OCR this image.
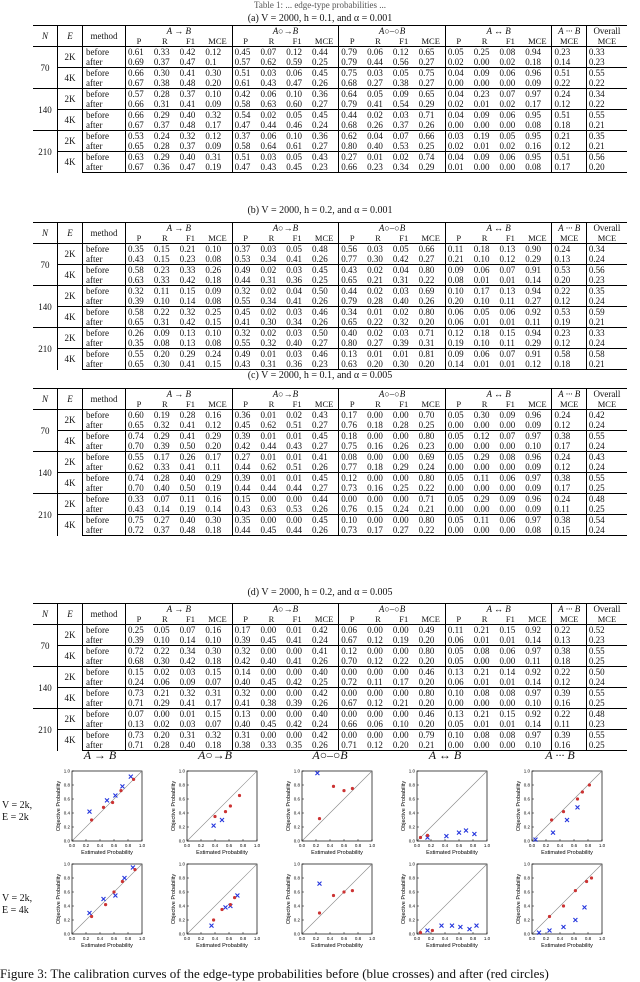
Table 1: ... edge-type probabilities ...
(a) V = 2000, h = 0.1, and α = 0.001
N	E	method	A → B				A○→B				A○–○B				A ↔ B				A ··· B	Overall
			P	R	F1	MCE	P	R	F1	MCE	P	R	F1	MCE	P	R	F1	MCE	MCE	MCE
70	2K	before	0.61	0.33	0.42	0.12	0.45	0.07	0.12	0.44	0.79	0.06	0.12	0.65	0.05	0.25	0.08	0.94	0.23	0.33
		after	0.69	0.37	0.47	0.1	0.57	0.62	0.59	0.25	0.79	0.44	0.56	0.27	0.02	0.00	0.02	0.18	0.14	0.23
	4K	before	0.66	0.30	0.41	0.30	0.51	0.03	0.06	0.45	0.75	0.03	0.05	0.75	0.04	0.09	0.06	0.96	0.51	0.55
		after	0.67	0.38	0.48	0.20	0.61	0.43	0.47	0.26	0.68	0.27	0.38	0.27	0.00	0.00	0.00	0.09	0.22	0.22
140	2K	before	0.57	0.28	0.37	0.10	0.42	0.06	0.10	0.36	0.64	0.05	0.09	0.65	0.04	0.23	0.07	0.97	0.24	0.34
		after	0.66	0.31	0.41	0.09	0.58	0.63	0.60	0.27	0.79	0.41	0.54	0.29	0.02	0.01	0.02	0.17	0.12	0.22
	4K	before	0.66	0.29	0.40	0.32	0.54	0.02	0.05	0.45	0.44	0.02	0.03	0.71	0.04	0.09	0.06	0.95	0.51	0.55
		after	0.67	0.37	0.48	0.17	0.47	0.44	0.46	0.24	0.68	0.26	0.37	0.26	0.00	0.00	0.00	0.08	0.18	0.21
210	2K	before	0.53	0.24	0.32	0.12	0.37	0.06	0.10	0.36	0.62	0.04	0.07	0.66	0.03	0.19	0.05	0.95	0.21	0.35
		after	0.65	0.28	0.37	0.09	0.58	0.64	0.61	0.27	0.80	0.40	0.53	0.25	0.02	0.01	0.02	0.16	0.12	0.21
	4K	before	0.63	0.29	0.40	0.31	0.51	0.03	0.05	0.43	0.27	0.01	0.02	0.74	0.04	0.09	0.06	0.95	0.51	0.56
		after	0.67	0.36	0.47	0.19	0.47	0.43	0.45	0.23	0.66	0.23	0.34	0.29	0.01	0.00	0.00	0.08	0.17	0.20
(b) V = 2000, h = 0.2, and α = 0.001
N	E	method	A → B				A○→B				A○–○B				A ↔ B				A ··· B	Overall
			P	R	F1	MCE	P	R	F1	MCE	P	R	F1	MCE	P	R	F1	MCE	MCE	MCE
70	2K	before	0.35	0.15	0.21	0.10	0.37	0.03	0.05	0.48	0.56	0.03	0.05	0.66	0.11	0.18	0.13	0.90	0.24	0.34
		after	0.43	0.15	0.23	0.08	0.53	0.34	0.41	0.26	0.77	0.30	0.42	0.27	0.21	0.10	0.12	0.29	0.13	0.24
	4K	before	0.58	0.23	0.33	0.26	0.49	0.02	0.03	0.45	0.43	0.02	0.04	0.80	0.09	0.06	0.07	0.91	0.53	0.56
		after	0.63	0.33	0.42	0.18	0.44	0.31	0.36	0.25	0.65	0.21	0.31	0.22	0.08	0.01	0.01	0.14	0.20	0.23
140	2K	before	0.32	0.11	0.15	0.09	0.32	0.02	0.04	0.50	0.44	0.02	0.03	0.69	0.10	0.17	0.13	0.94	0.22	0.35
		after	0.39	0.10	0.14	0.08	0.55	0.34	0.41	0.26	0.79	0.28	0.40	0.26	0.20	0.10	0.11	0.27	0.12	0.24
	4K	before	0.58	0.22	0.32	0.25	0.45	0.02	0.03	0.46	0.34	0.01	0.02	0.80	0.06	0.05	0.06	0.92	0.53	0.59
		after	0.65	0.31	0.42	0.15	0.41	0.30	0.34	0.26	0.65	0.22	0.32	0.20	0.06	0.01	0.01	0.11	0.19	0.21
210	2K	before	0.26	0.09	0.13	0.10	0.32	0.02	0.03	0.50	0.40	0.02	0.03	0.71	0.12	0.18	0.15	0.94	0.23	0.33
		after	0.35	0.08	0.13	0.08	0.55	0.32	0.40	0.27	0.80	0.27	0.39	0.31	0.19	0.10	0.11	0.29	0.12	0.24
	4K	before	0.55	0.20	0.29	0.24	0.49	0.01	0.03	0.46	0.13	0.01	0.01	0.81	0.09	0.06	0.07	0.91	0.58	0.58
		after	0.65	0.30	0.41	0.15	0.43	0.31	0.36	0.23	0.63	0.20	0.30	0.20	0.14	0.01	0.01	0.12	0.18	0.21
(c) V = 2000, h = 0.1, and α = 0.005
N	E	method	A → B				A○→B				A○–○B				A ↔ B				A ··· B	Overall
			P	R	F1	MCE	P	R	F1	MCE	P	R	F1	MCE	P	R	F1	MCE	MCE	MCE
70	2K	before	0.60	0.19	0.28	0.16	0.36	0.01	0.02	0.43	0.17	0.00	0.00	0.70	0.05	0.30	0.09	0.96	0.24	0.42
		after	0.65	0.32	0.41	0.12	0.45	0.62	0.51	0.27	0.76	0.18	0.28	0.25	0.00	0.00	0.00	0.09	0.12	0.24
	4K	before	0.74	0.29	0.41	0.29	0.39	0.01	0.01	0.45	0.18	0.00	0.00	0.80	0.05	0.12	0.07	0.97	0.38	0.55
		after	0.70	0.39	0.50	0.20	0.42	0.44	0.43	0.27	0.75	0.16	0.26	0.23	0.00	0.00	0.00	0.10	0.17	0.24
140	2K	before	0.55	0.17	0.26	0.17	0.27	0.01	0.01	0.41	0.08	0.00	0.00	0.69	0.05	0.29	0.08	0.96	0.24	0.43
		after	0.62	0.33	0.41	0.11	0.44	0.62	0.51	0.26	0.77	0.18	0.29	0.24	0.00	0.00	0.00	0.09	0.12	0.24
	4K	before	0.74	0.28	0.40	0.29	0.39	0.01	0.01	0.45	0.12	0.00	0.00	0.80	0.05	0.11	0.06	0.97	0.38	0.55
		after	0.70	0.40	0.50	0.19	0.44	0.44	0.44	0.27	0.73	0.16	0.25	0.22	0.00	0.00	0.00	0.09	0.17	0.25
210	2K	before	0.33	0.07	0.11	0.16	0.15	0.00	0.00	0.44	0.00	0.00	0.00	0.71	0.05	0.29	0.09	0.96	0.24	0.48
		after	0.43	0.14	0.19	0.14	0.43	0.63	0.53	0.26	0.76	0.15	0.24	0.21	0.00	0.00	0.00	0.09	0.11	0.25
	4K	before	0.75	0.27	0.40	0.30	0.35	0.00	0.00	0.45	0.10	0.00	0.00	0.80	0.05	0.11	0.06	0.97	0.38	0.54
		after	0.72	0.37	0.48	0.18	0.44	0.45	0.44	0.26	0.73	0.17	0.27	0.22	0.00	0.00	0.00	0.08	0.15	0.24
(d) V = 2000, h = 0.2, and α = 0.005
N	E	method	A → B				A○→B				A○–○B				A ↔ B				A ··· B	Overall
			P	R	F1	MCE	P	R	F1	MCE	P	R	F1	MCE	P	R	F1	MCE	MCE	MCE
70	2K	before	0.25	0.05	0.07	0.16	0.17	0.00	0.01	0.42	0.06	0.00	0.00	0.49	0.11	0.21	0.15	0.92	0.22	0.52
		after	0.39	0.10	0.14	0.10	0.39	0.45	0.41	0.24	0.67	0.12	0.19	0.20	0.06	0.01	0.01	0.14	0.13	0.23
	4K	before	0.72	0.22	0.34	0.30	0.32	0.00	0.00	0.41	0.12	0.00	0.00	0.80	0.05	0.08	0.06	0.97	0.38	0.55
		after	0.68	0.30	0.42	0.18	0.42	0.40	0.41	0.26	0.70	0.12	0.22	0.20	0.05	0.00	0.00	0.11	0.18	0.25
140	2K	before	0.15	0.02	0.03	0.15	0.14	0.00	0.00	0.40	0.00	0.00	0.00	0.46	0.13	0.21	0.14	0.92	0.22	0.50
		after	0.24	0.06	0.09	0.07	0.40	0.45	0.42	0.25	0.72	0.11	0.17	0.20	0.06	0.01	0.01	0.14	0.12	0.24
	4K	before	0.73	0.21	0.32	0.31	0.32	0.00	0.00	0.42	0.00	0.00	0.00	0.80	0.10	0.08	0.08	0.97	0.39	0.55
		after	0.71	0.29	0.41	0.17	0.41	0.38	0.39	0.26	0.67	0.12	0.21	0.20	0.00	0.00	0.00	0.10	0.16	0.25
210	2K	before	0.07	0.00	0.01	0.15	0.13	0.00	0.00	0.40	0.00	0.00	0.00	0.46	0.13	0.21	0.15	0.92	0.22	0.48
		after	0.13	0.02	0.03	0.07	0.40	0.45	0.42	0.24	0.66	0.06	0.10	0.20	0.05	0.01	0.01	0.14	0.11	0.23
	4K	before	0.73	0.20	0.31	0.32	0.31	0.00	0.00	0.42	0.00	0.00	0.00	0.79	0.10	0.08	0.08	0.97	0.39	0.55
		after	0.71	0.28	0.40	0.18	0.38	0.33	0.35	0.26	0.71	0.12	0.20	0.21	0.00	0.00	0.00	0.10	0.16	0.25
A → B	A○→B	A○–○B	A ↔ B	A ··· B
V = 2k,
E = 2k
V = 2k,
E = 4k
0.0
0.0
0.2
0.2
0.4
0.4
0.6
0.6
0.8
0.8
1.0
1.0
Estimated Probability
Objective Probability
0.0
0.0
0.2
0.2
0.4
0.4
0.6
0.6
0.8
0.8
1.0
1.0
Estimated Probability
Objective Probability
0.0
0.0
0.2
0.2
0.4
0.4
0.6
0.6
0.8
0.8
1.0
1.0
Estimated Probability
Objective Probability
0.0
0.0
0.2
0.2
0.4
0.4
0.6
0.6
0.8
0.8
1.0
1.0
Estimated Probability
Objective Probability
0.0
0.0
0.2
0.2
0.4
0.4
0.6
0.6
0.8
0.8
1.0
1.0
Estimated Probability
Objective Probability
0.0
0.0
0.2
0.2
0.4
0.4
0.6
0.6
0.8
0.8
1.0
1.0
Estimated Probability
Objective Probability
0.0
0.0
0.2
0.2
0.4
0.4
0.6
0.6
0.8
0.8
1.0
1.0
Estimated Probability
Objective Probability
0.0
0.0
0.2
0.2
0.4
0.4
0.6
0.6
0.8
0.8
1.0
1.0
Estimated Probability
Objective Probability
0.0
0.0
0.2
0.2
0.4
0.4
0.6
0.6
0.8
0.8
1.0
1.0
Estimated Probability
Objective Probability
0.0
0.0
0.2
0.2
0.4
0.4
0.6
0.6
0.8
0.8
1.0
1.0
Estimated Probability
Objective Probability
Figure 3: The calibration curves of the edge-type probabilities before (blue crosses) and after (red circles)
